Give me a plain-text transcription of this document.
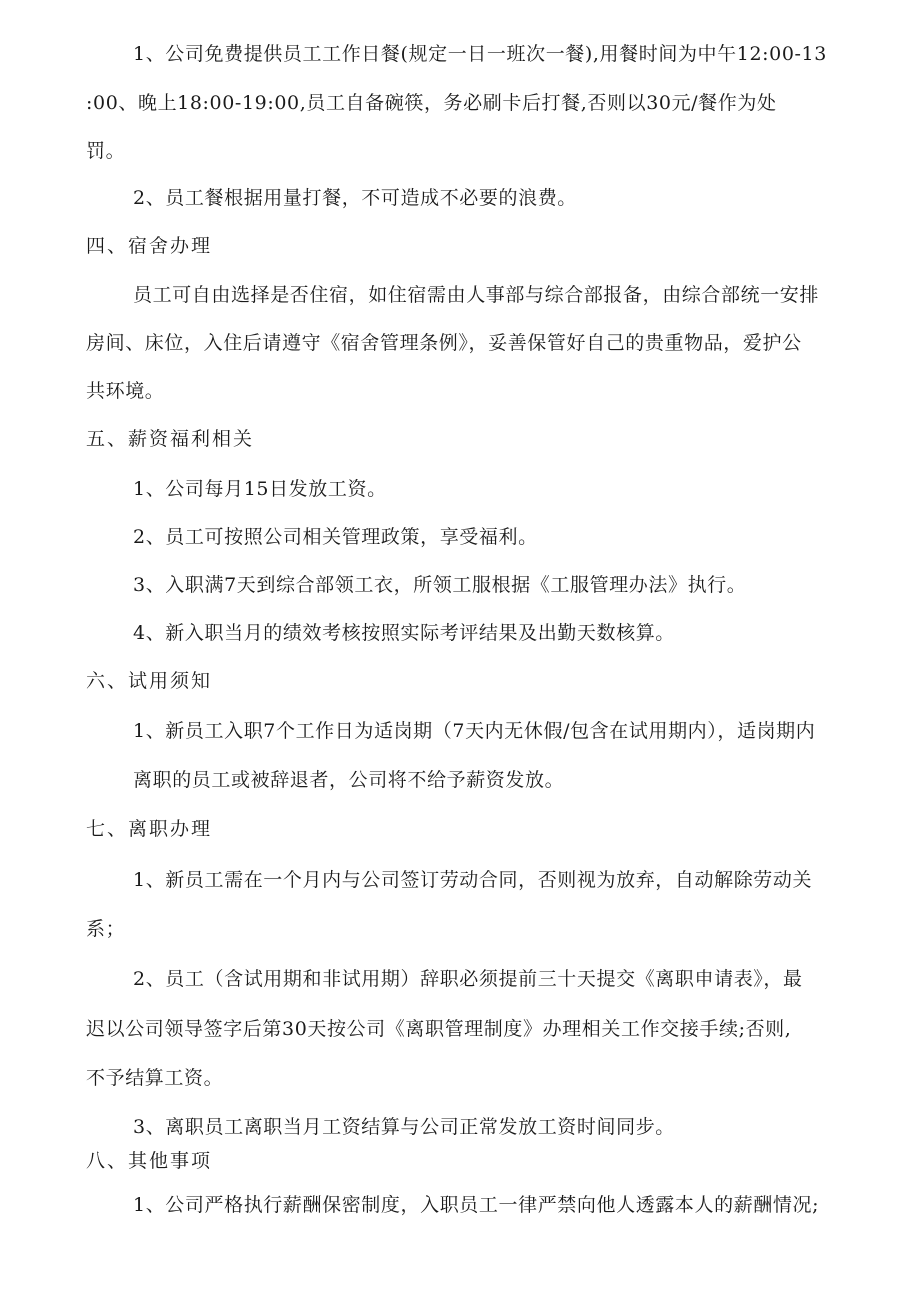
1、公司免费提供员工工作日餐(规定一日一班次一餐),用餐时间为中午12:00-13
:00、晚上18:00-19:00,员工自备碗筷，务必刷卡后打餐,否则以30元/餐作为处
罚。
2、员工餐根据用量打餐，不可造成不必要的浪费。
四、宿舍办理
员工可自由选择是否住宿，如住宿需由人事部与综合部报备，由综合部统一安排
房间、床位，入住后请遵守《宿舍管理条例》，妥善保管好自己的贵重物品，爱护公
共环境。
五、薪资福利相关
1、公司每月15日发放工资。
2、员工可按照公司相关管理政策，享受福利。
3、入职满7天到综合部领工衣，所领工服根据《工服管理办法》执行。
4、新入职当月的绩效考核按照实际考评结果及出勤天数核算。
六、试用须知
1、新员工入职7个工作日为适岗期（7天内无休假/包含在试用期内），适岗期内
离职的员工或被辞退者，公司将不给予薪资发放。
七、离职办理
1、新员工需在一个月内与公司签订劳动合同，否则视为放弃，自动解除劳动关
系；
2、员工（含试用期和非试用期）辞职必须提前三十天提交《离职申请表》，最
迟以公司领导签字后第30天按公司《离职管理制度》办理相关工作交接手续;否则,
不予结算工资。
3、离职员工离职当月工资结算与公司正常发放工资时间同步。
八、其他事项
1、公司严格执行薪酬保密制度，入职员工一律严禁向他人透露本人的薪酬情况;
